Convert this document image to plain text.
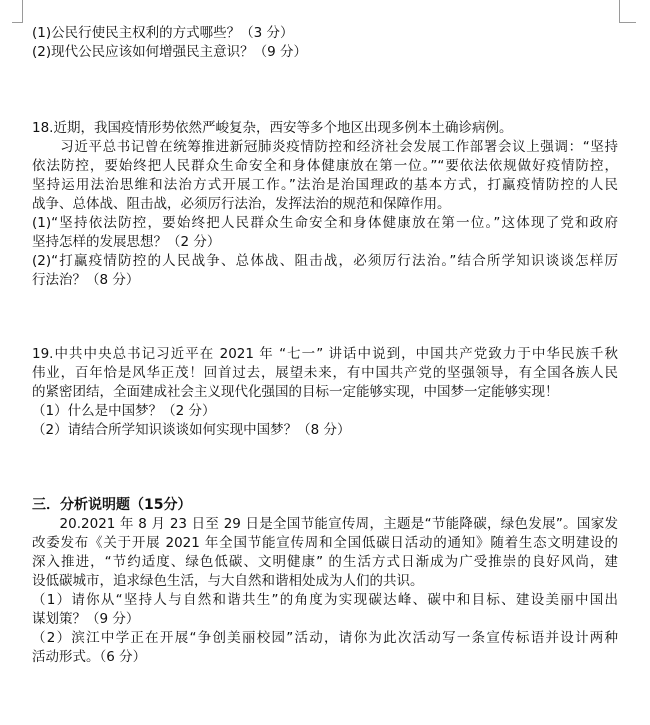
(1)公民行使民主权利的方式哪些？（3 分）
(2)现代公民应该如何增强民主意识？（9 分）
18.近期，我国疫情形势依然严峻复杂，西安等多个地区出现多例本土确诊病例。
　　习近平总书记曾在统筹推进新冠肺炎疫情防控和经济社会发展工作部署会议上强调：“坚持
依法防控，要始终把人民群众生命安全和身体健康放在第一位。”“要依法依规做好疫情防控，
坚持运用法治思维和法治方式开展工作。”法治是治国理政的基本方式，打赢疫情防控的人民
战争、总体战、阻击战，必须厉行法治，发挥法治的规范和保障作用。
(1)“坚持依法防控，要始终把人民群众生命安全和身体健康放在第一位。”这体现了党和政府
坚持怎样的发展思想？（2 分）
(2)“打赢疫情防控的人民战争、总体战、阻击战，必须厉行法治。”结合所学知识谈谈怎样厉
行法治？（8 分）
19.中共中央总书记习近平在 2021 年 “七一” 讲话中说到，中国共产党致力于中华民族千秋
伟业，百年恰是风华正茂！回首过去，展望未来，有中国共产党的坚强领导，有全国各族人民
的紧密团结，全面建成社会主义现代化强国的目标一定能够实现，中国梦一定能够实现！
（1）什么是中国梦？（2 分）
（2）请结合所学知识谈谈如何实现中国梦？（8 分）
三．分析说明题（15分）
　　20.2021 年 8 月 23 日至 29 日是全国节能宣传周，主题是“节能降碳，绿色发展”。国家发
改委发布《关于开展 2021 年全国节能宣传周和全国低碳日活动的通知》随着生态文明建设的
深入推进，“节约适度、绿色低碳、文明健康” 的生活方式日渐成为广受推崇的良好风尚，建
设低碳城市，追求绿色生活，与大自然和谐相处成为人们的共识。
（1）请你从“坚持人与自然和谐共生”的角度为实现碳达峰、碳中和目标、建设美丽中国出
谋划策？（9 分）
（2）滨江中学正在开展“争创美丽校园”活动，请你为此次活动写一条宣传标语并设计两种
活动形式。（6 分）
